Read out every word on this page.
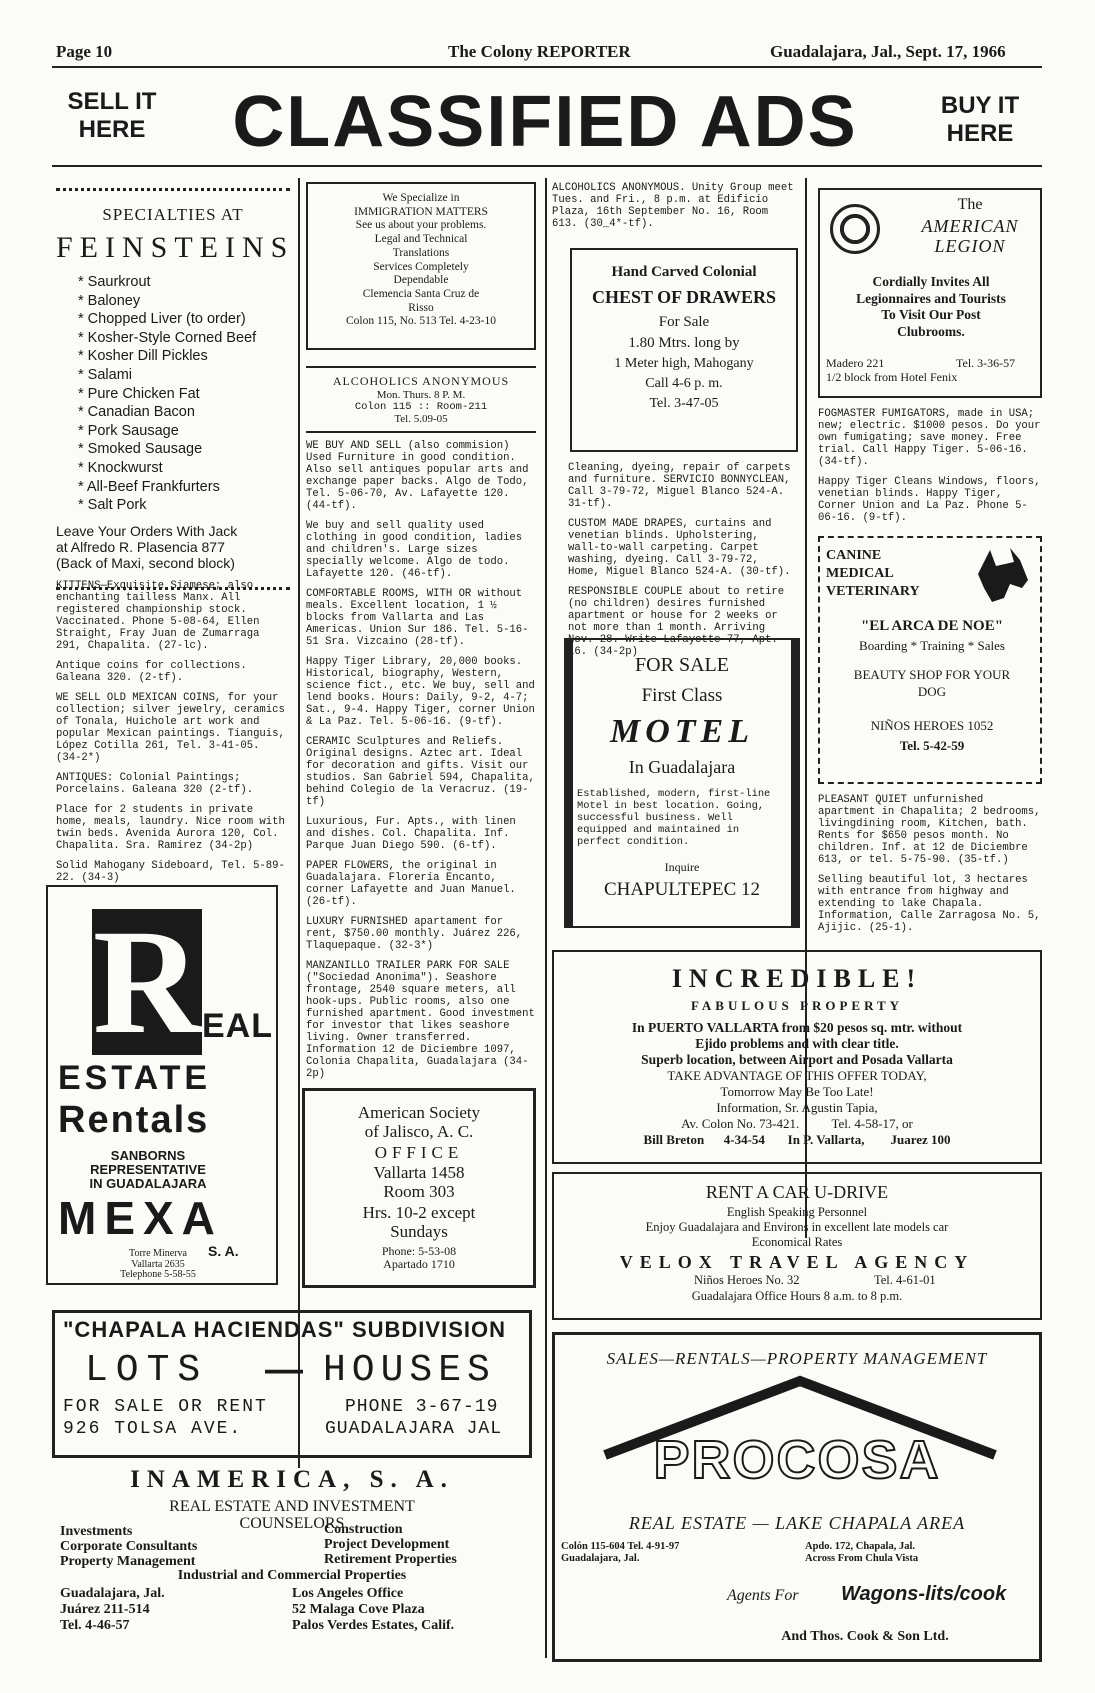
Page 10	The Colony REPORTER	Guadalajara, Jal., Sept. 17, 1966
SELL IT
HERE	CLASSIFIED ADS	BUY IT
HERE
SPECIALTIES AT
FEINSTEINS
* Saurkrout
* Baloney
* Chopped Liver (to order)
* Kosher-Style Corned Beef
* Kosher Dill Pickles
* Salami
* Pure Chicken Fat
* Canadian Bacon
* Pork Sausage
* Smoked Sausage
* Knockwurst
* All-Beef Frankfurters
* Salt Pork
Leave Your Orders With Jack
at Alfredo R. Plasencia 877
(Back of Maxi, second block)

KITTENS—Exquisite Siamese; also enchanting tailless Manx. All registered championship stock. Vaccinated. Phone 5-08-64, Ellen Straight, Fray Juan de Zumarraga 291, Chapalita. (27-lc).

Antique coins for collections. Galeana 320. (2-tf).

WE SELL OLD MEXICAN COINS, for your collection; silver jewelry, ceramics of Tonala, Huichole art work and popular Mexican paintings. Tianguis, López Cotilla 261, Tel. 3-41-05. (34-2*)

ANTIQUES: Colonial Paintings; Porcelains. Galeana 320 (2-tf).

Place for 2 students in private home, meals, laundry. Nice room with twin beds. Avenida Aurora 120, Col. Chapalita. Sra. Ramírez (34-2p)

Solid Mahogany Sideboard, Tel. 5-89-22. (34-3)

R EAL
ESTATE
Rentals
SANBORNS
REPRESENTATIVE
IN GUADALAJARA
MEXA
S. A.
Torre Minerva
Vallarta 2635
Telephone 5-58-55
We Specialize in
IMMIGRATION MATTERS
See us about your problems.
Legal and Technical
Translations
Services Completely
Dependable
Clemencia Santa Cruz de
Risso
Colon 115, No. 513 Tel. 4-23-10
ALCOHOLICS ANONYMOUS
Mon. Thurs. 8 P. M.
Colon 115 :: Room-211
Tel. 5.09-05

WE BUY AND SELL (also commision) Used Furniture in good condition. Also sell antiques popular arts and exchange paper backs. Algo de Todo, Tel. 5-06-70, Av. Lafayette 120. (44-tf).

We buy and sell quality used clothing in good condition, ladies and children's. Large sizes specially welcome. Algo de todo. Lafayette 120. (46-tf).

COMFORTABLE ROOMS, WITH OR without meals. Excellent location, 1 ½ blocks from Vallarta and Las Americas. Union Sur 186. Tel. 5-16-51 Sra. Vizcaino (28-tf).

Happy Tiger Library, 20,000 books. Historical, biography, Western, science fict., etc. We buy, sell and lend books. Hours: Daily, 9-2, 4-7; Sat., 9-4. Happy Tiger, corner Union & La Paz. Tel. 5-06-16. (9-tf).

CERAMIC Sculptures and Reliefs. Original designs. Aztec art. Ideal for decoration and gifts. Visit our studios. San Gabriel 594, Chapalita, behind Colegio de la Veracruz. (19-tf)

Luxurious, Fur. Apts., with linen and dishes. Col. Chapalita. Inf. Parque Juan Diego 590. (6-tf).

PAPER FLOWERS, the original in Guadalajara. Florería Encanto, corner Lafayette and Juan Manuel. (26-tf).

LUXURY FURNISHED apartament for rent, $750.00 monthly. Juárez 226, Tlaquepaque. (32-3*)

MANZANILLO TRAILER PARK FOR SALE ("Sociedad Anonima"). Seashore frontage, 2540 square meters, all hook-ups. Public rooms, also one furnished apartment. Good investment for investor that likes seashore living. Owner transferred. Information 12 de Diciembre 1097, Colonia Chapalita, Guadalajara (34-2p)

American Society
of Jalisco, A. C.
OFFICE
Vallarta 1458
Room 303
Hrs. 10-2 except
Sundays
Phone: 5-53-08
Apartado 1710
ALCOHOLICS ANONYMOUS. Unity Group meet Tues. and Fri., 8 p.m. at Edificio Plaza, 16th September No. 16, Room 613. (30_4*-tf).
Hand Carved Colonial
CHEST OF DRAWERS
For Sale
1.80 Mtrs. long by
1 Meter high, Mahogany
Call 4-6 p. m.
Tel. 3-47-05

Cleaning, dyeing, repair of carpets and furniture. SERVICIO BONNYCLEAN, Call 3-79-72, Miguel Blanco 524-A. 31-tf).

CUSTOM MADE DRAPES, curtains and venetian blinds. Upholstering, wall-to-wall carpeting. Carpet washing, dyeing. Call 3-79-72, Home, Miguel Blanco 524-A. (30-tf).

RESPONSIBLE COUPLE about to retire (no children) desires furnished apartment or house for 2 weeks or not more than 1 month. Arriving Nov. 28. Write Lafayette 77, Apt. 16. (34-2p)

FOR SALE
First Class
MOTEL
In Guadalajara
Established, modern, first-line Motel in best location. Going, successful business. Well equipped and maintained in perfect condition.
Inquire
CHAPULTEPEC 12
The
AMERICAN
LEGION
Cordially Invites All
Legionnaires and Tourists
To Visit Our Post
Clubrooms.
Madero 221	Tel. 3-36-57
1/2 block from Hotel Fenix

FOGMASTER FUMIGATORS, made in USA; new; electric. $1000 pesos. Do your own fumigating; save money. Free trial. Call Happy Tiger. 5-06-16. (34-tf).

Happy Tiger Cleans Windows, floors, venetian blinds. Happy Tiger, Corner Union and La Paz. Phone 5-06-16. (9-tf).

CANINE
MEDICAL
VETERINARY
"EL ARCA DE NOE"
Boarding * Training * Sales
BEAUTY SHOP FOR YOUR
DOG
NIÑOS HEROES 1052
Tel. 5-42-59

PLEASANT QUIET unfurnished apartment in Chapalita; 2 bedrooms, livingdining room, Kitchen, bath. Rents for $650 pesos month. No children. Inf. at 12 de Diciembre 613, or tel. 5-75-90. (35-tf.)

Selling beautiful lot, 3 hectares with entrance from highway and extending to lake Chapala. Information, Calle Zarragosa No. 5, Ajijic. (25-1).

INCREDIBLE!
FABULOUS PROPERTY
In PUERTO VALLARTA from $20 pesos sq. mtr. without
Ejido problems and with clear title.
Superb location, between Airport and Posada Vallarta
TAKE ADVANTAGE OF THIS OFFER TODAY,
Tomorrow May Be Too Late!
Information, Sr. Agustin Tapia,
Av. Colon No. 73-421.          Tel. 4-58-17, or
Bill Breton      4-34-54       In P. Vallarta,        Juarez 100
RENT A CAR U-DRIVE
English Speaking Personnel
Enjoy Guadalajara and Environs in excellent late models car
Economical Rates
VELOX TRAVEL AGENCY
Niños Heroes No. 32	Tel. 4-61-01
Guadalajara Office Hours 8 a.m. to 8 p.m.
"CHAPALA HACIENDAS" SUBDIVISION
LOTS — HOUSES
FOR SALE OR RENT	PHONE 3-67-19
926 TOLSA AVE.	GUADALAJARA JAL
INAMERICA, S. A.
REAL ESTATE AND INVESTMENT
COUNSELORS
Investments
Corporate Consultants
Property Management
Construction
Project Development
Retirement Properties
Industrial and Commercial Properties
Guadalajara, Jal.
Juárez 211-514
Tel. 4-46-57
Los Angeles Office
52 Malaga Cove Plaza
Palos Verdes Estates, Calif.
SALES—RENTALS—PROPERTY MANAGEMENT
PROCOSA
REAL ESTATE — LAKE CHAPALA AREA
Colón 115-604 Tel. 4-91-97
Guadalajara, Jal.
Apdo. 172, Chapala, Jal.
Across From Chula Vista
Agents For Wagons-lits/cook
And Thos. Cook & Son Ltd.
